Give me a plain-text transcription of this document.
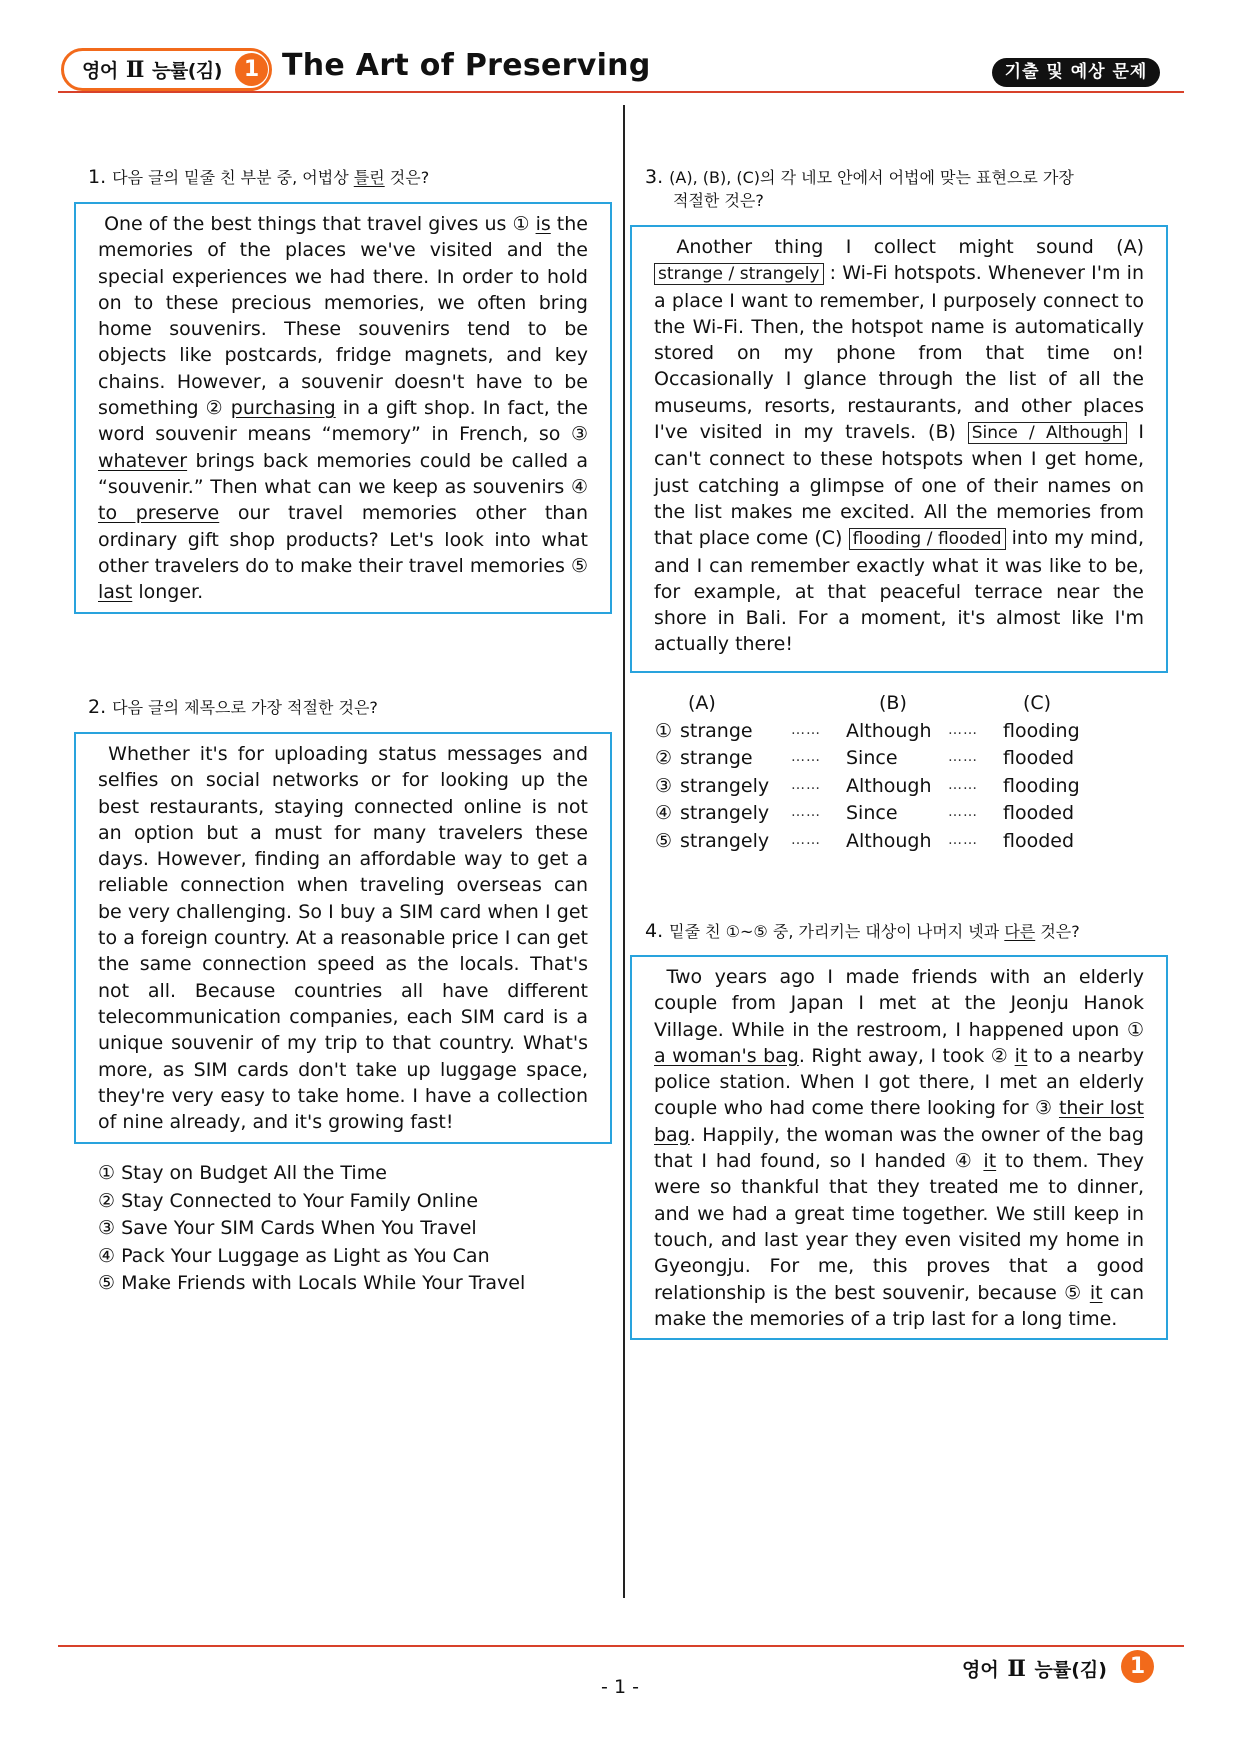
영어 Ⅱ 능률(김) 1 The Art of Preserving	기출 및 예상 문제
1. 다음 글의 밑줄 친 부분 중, 어법상 틀린 것은?
One of the best things that travel gives us ① is the memories of the places we've visited and the special experiences we had there. In order to hold on to these precious memories, we often bring home souvenirs. These souvenirs tend to be objects like postcards, fridge magnets, and key chains. However, a souvenir doesn't have to be something ② purchasing in a gift shop. In fact, the word souvenir means “memory” in French, so ③ whatever brings back memories could be called a “souvenir.” Then what can we keep as souvenirs ④ to preserve our travel memories other than ordinary gift shop products? Let's look into what other travelers do to make their travel memories ⑤ last longer.
2. 다음 글의 제목으로 가장 적절한 것은?
Whether it's for uploading status messages and selfies on social networks or for looking up the best restaurants, staying connected online is not an option but a must for many travelers these days. However, finding an affordable way to get a reliable connection when traveling overseas can be very challenging. So I buy a SIM card when I get to a foreign country. At a reasonable price I can get the same connection speed as the locals. That's not all. Because countries all have different telecommunication companies, each SIM card is a unique souvenir of my trip to that country. What's more, as SIM cards don't take up luggage space, they're very easy to take home. I have a collection of nine already, and it's growing fast!
① Stay on Budget All the Time
② Stay Connected to Your Family Online
③ Save Your SIM Cards When You Travel
④ Pack Your Luggage as Light as You Can
⑤ Make Friends with Locals While Your Travel
3. (A), (B), (C)의 각 네모 안에서 어법에 맞는 표현으로 가장
적절한 것은?
Another thing I collect might sound (A) strange / strangely : Wi-Fi hotspots. Whenever I'm in a place I want to remember, I purposely connect to the Wi-Fi. Then, the hotspot name is automatically stored on my phone from that time on! Occasionally I glance through the list of all the museums, resorts, restaurants, and other places I've visited in my travels. (B) Since / Although I can't connect to these hotspots when I get home, just catching a glimpse of one of their names on the list makes me excited. All the memories from that place come (C) flooding / flooded into my mind, and I can remember exactly what it was like to be, for example, at that peaceful terrace near the shore in Bali. For a moment, it's almost like I'm actually there!
(A)	(B)	(C)
① strange	…… Although …… flooding
② strange	…… Since	…… flooded
③ strangely …… Although …… flooding
④ strangely …… Since	…… flooded
⑤ strangely …… Although …… flooded
4. 밑줄 친 ①~⑤ 중, 가리키는 대상이 나머지 넷과 다른 것은?
Two years ago I made friends with an elderly couple from Japan I met at the Jeonju Hanok Village. While in the restroom, I happened upon ① a woman's bag. Right away, I took ② it to a nearby police station. When I got there, I met an elderly couple who had come there looking for ③ their lost bag. Happily, the woman was the owner of the bag that I had found, so I handed ④ it to them. They were so thankful that they treated me to dinner, and we had a great time together. We still keep in touch, and last year they even visited my home in Gyeongju. For me, this proves that a good relationship is the best souvenir, because ⑤ it can make the memories of a trip last for a long time.
영어 Ⅱ 능률(김)	1
- 1 -
